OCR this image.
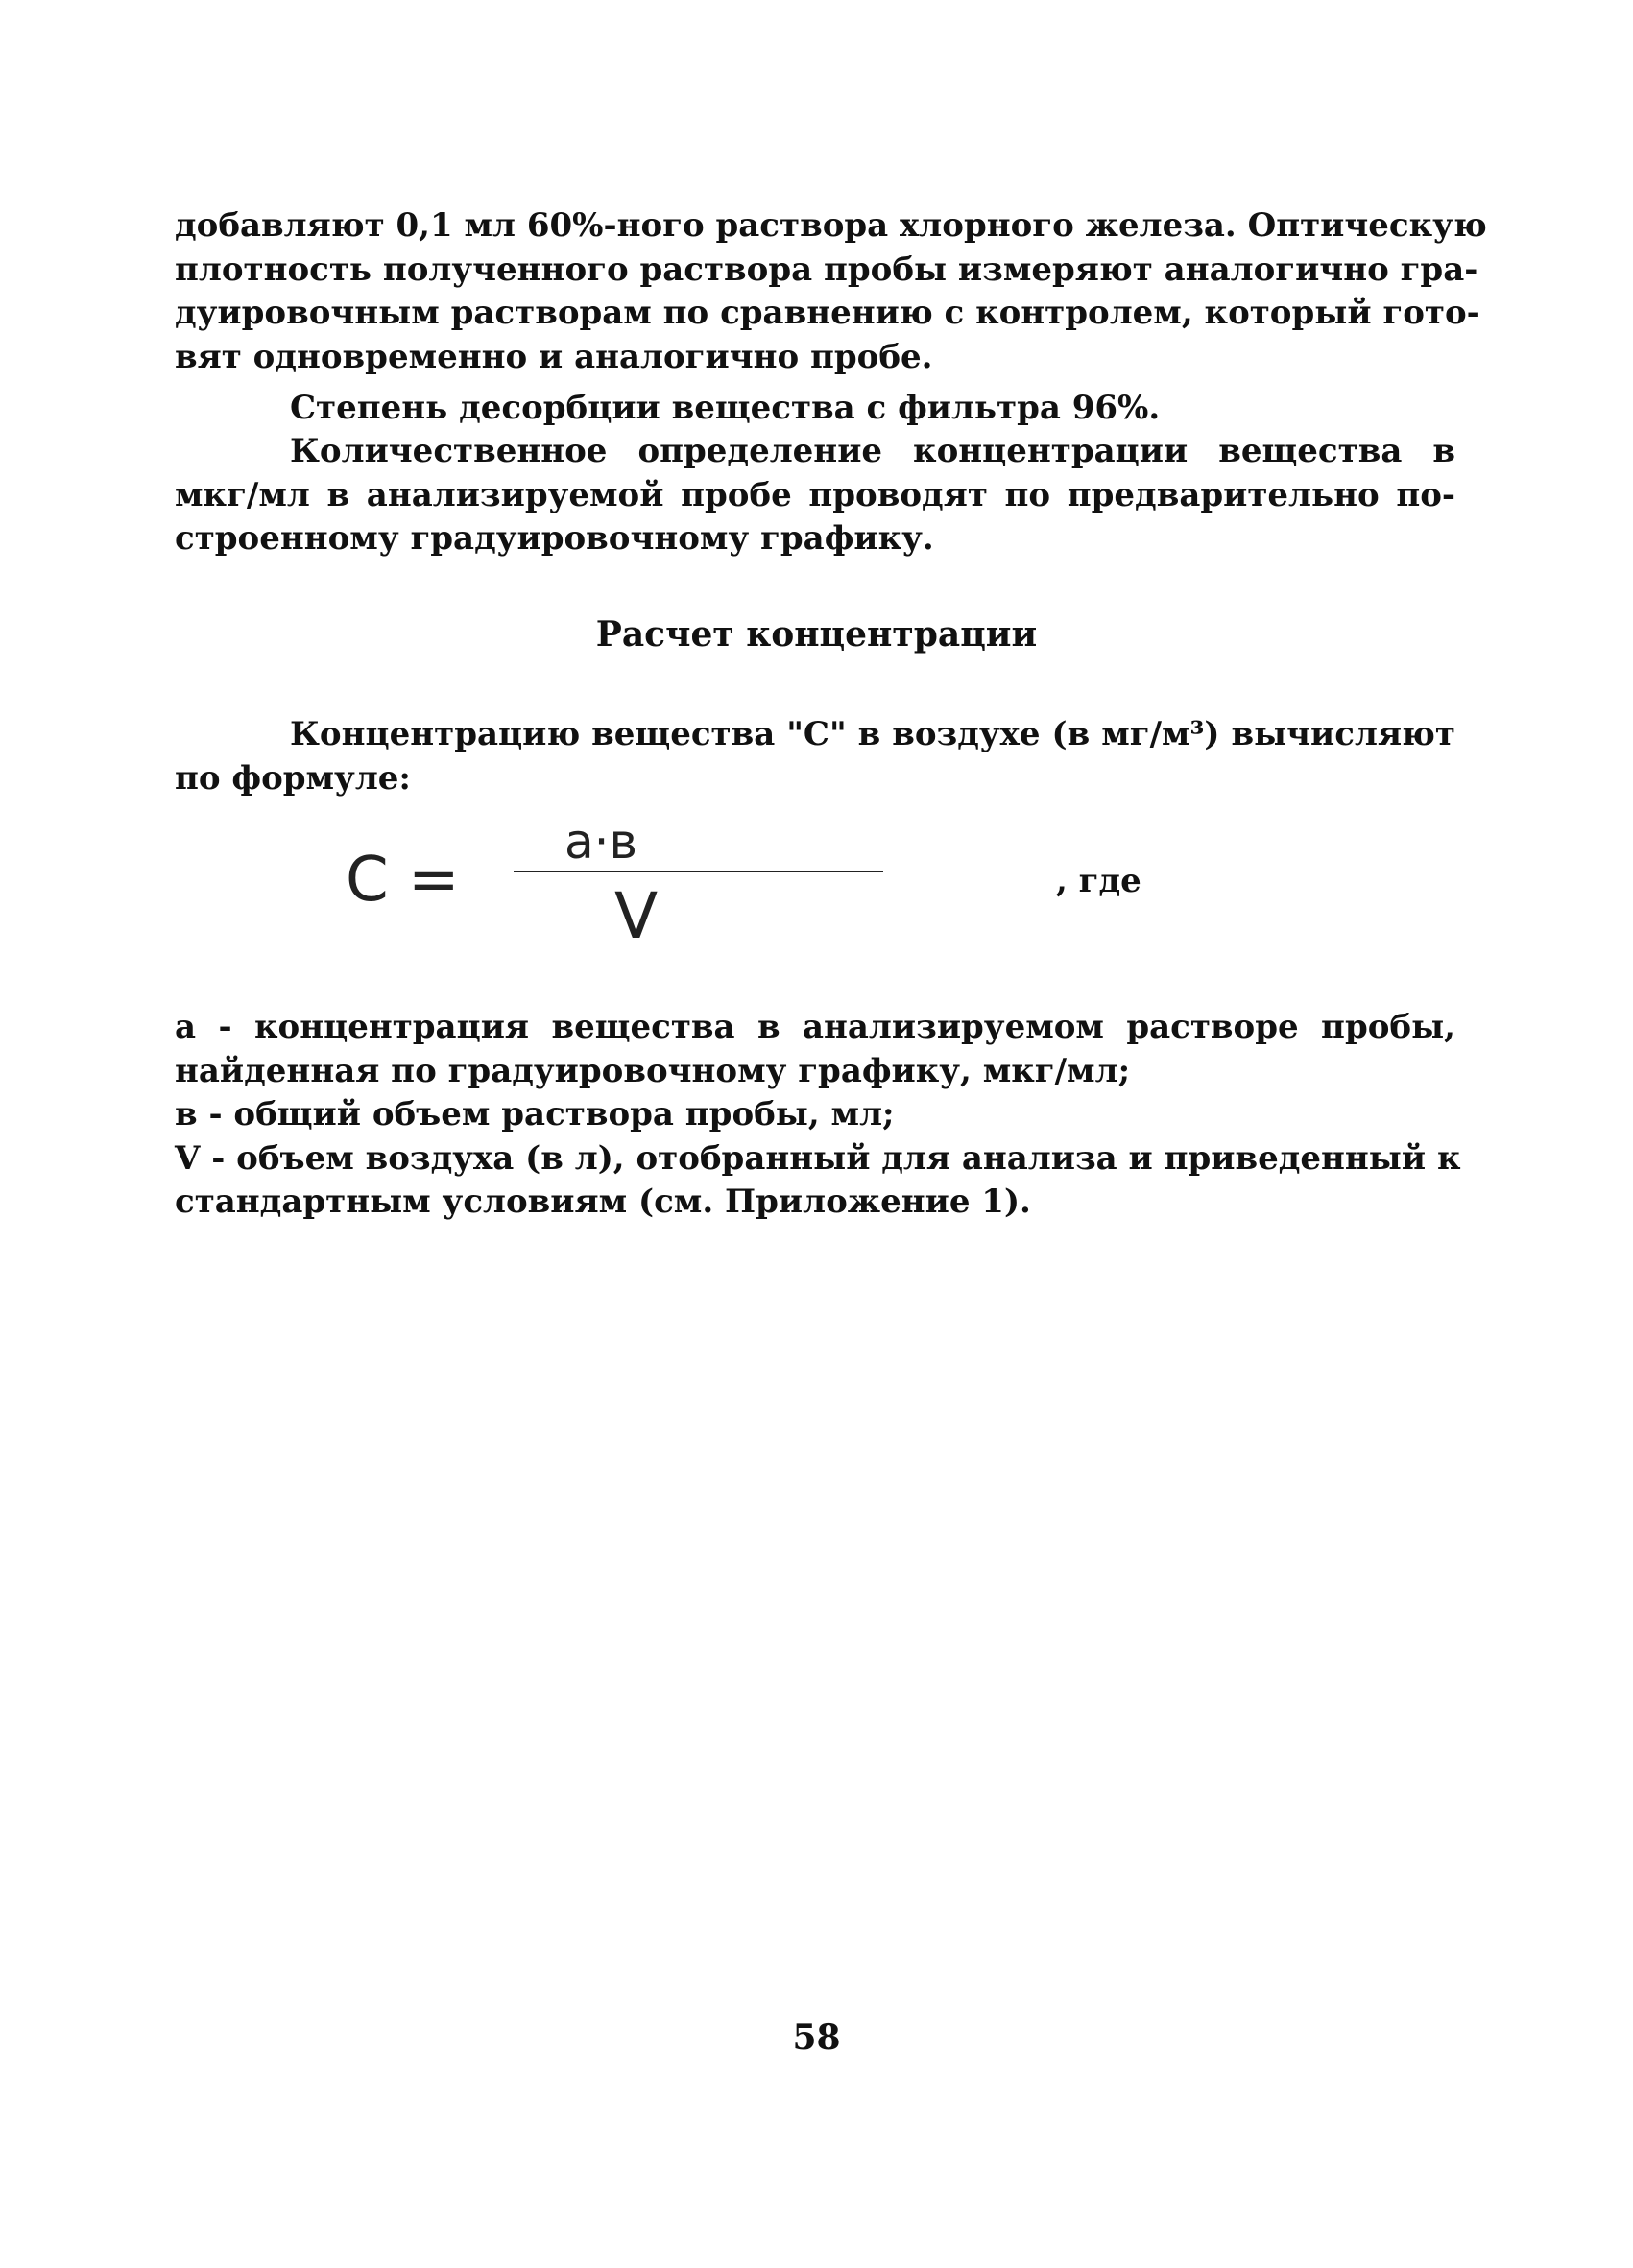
добавляют 0,1 мл 60%-ного раствора хлорного железа. Оптическую
плотность полученного раствора пробы измеряют аналогично гра-
дуировочным растворам по сравнению с контролем, который гото-
вят одновременно и аналогично пробе.
Степень десорбции вещества с фильтра 96%.
Количественное определение концентрации вещества в
мкг/мл в анализируемой пробе проводят по предварительно по-
строенному градуировочному графику.
Расчет концентрации
Концентрацию вещества "С" в воздухе (в мг/м³) вычисляют
по формуле:
С =
а·в
V	, где
а - концентрация вещества в анализируемом растворе пробы,
найденная по градуировочному графику, мкг/мл;
в - общий объем раствора пробы, мл;
V - объем воздуха (в л), отобранный для анализа и приведенный к
стандартным условиям (см. Приложение 1).
58
